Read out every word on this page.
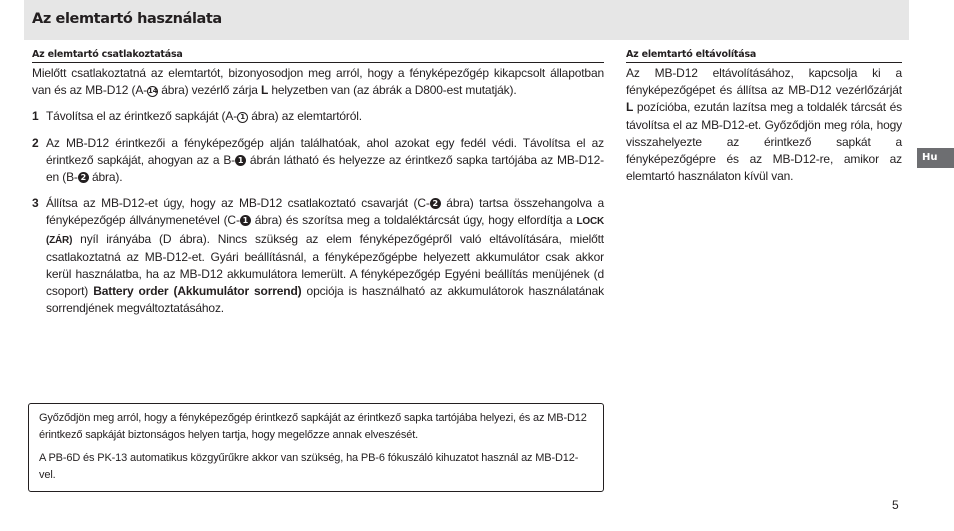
Az elemtartó használata
Az elemtartó csatlakoztatása

Mielőtt csatlakoztatná az elemtartót, bizonyosodjon meg arról, hogy a fényképezőgép kikapcsolt állapotban van és az MB-D12 (A-14 ábra) vezérlő zárja L helyzetben van (az ábrák a D800-est mutatják).

1 Távolítsa el az érintkező sapkáját (A- 1 ábra) az elemtartóról.

2 Az MB-D12 érintkezői a fényképezőgép alján találhatóak, ahol azokat egy fedél védi. Távolítsa el az érintkező sapkáját, ahogyan az a B- 1 ábrán látható és helyezze az érintkező sapka tartójába az MB-D12-en (B- 2 ábra).

3 Állítsa az MB-D12-et úgy, hogy az MB-D12 csatlakoztató csavarját (C- 2 ábra) tartsa összehangolva a fényképezőgép állványmenetével (C- 1 ábra) és szorítsa meg a toldaléktárcsát úgy, hogy elfordítja a LOCK (ZÁR) nyíl irányába (D ábra). Nincs szükség az elem fényképezőgépről való eltávolítására, mielőtt csatlakoztatná az MB-D12-et. Gyári beállításnál, a fényképezőgépbe helyezett akkumulátor csak akkor kerül használatba, ha az MB-D12 akkumulátora lemerült. A fényképezőgép Egyéni beállítás menüjének (d csoport) Battery order (Akkumulátor sorrend) opciója is használható az akkumulátorok használatának sorrendjének megváltoztatásához.

Az elemtartó eltávolítása

Az MB-D12 eltávolításához, kapcsolja ki a fényképezőgépet és állítsa az MB-D12 vezérlőzárját L pozícióba, ezután lazítsa meg a toldalék tárcsát és távolítsa el az MB-D12-et. Győződjön meg róla, hogy visszahelyezte az érintkező sapkát a fényképezőgépre és az MB-D12-re, amikor az elemtartó használaton kívül van.

Győződjön meg arról, hogy a fényképezőgép érintkező sapkáját az érintkező sapka tartójába helyezi, és az MB-D12 érintkező sapkáját biztonságos helyen tartja, hogy megelőzze annak elveszését.

A PB-6D és PK-13 automatikus közgyűrűkre akkor van szükség, ha PB-6 fókuszáló kihuzatot használ az MB-D12-vel.

Hu
5
